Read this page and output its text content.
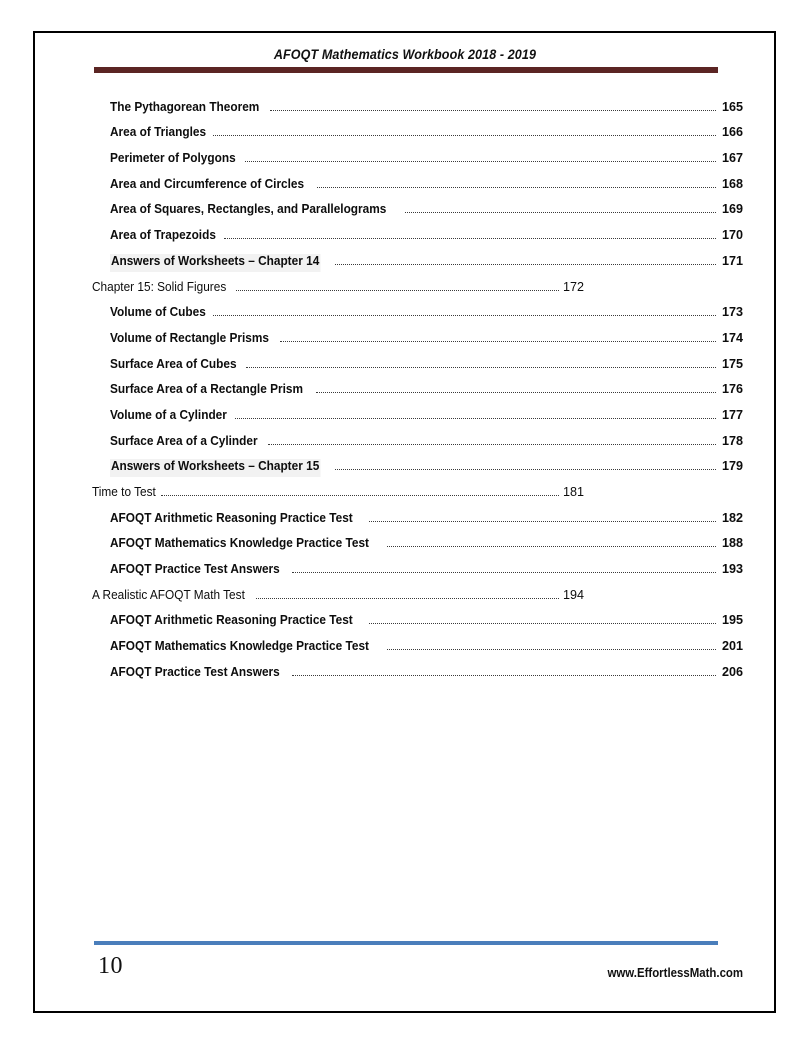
AFOQT Mathematics Workbook 2018 - 2019
The Pythagorean Theorem	165
Area of Triangles	166
Perimeter of Polygons	167
Area and Circumference of Circles	168
Area of Squares, Rectangles, and Parallelograms	169
Area of Trapezoids	170
Answers of Worksheets – Chapter 14	171
Chapter 15: Solid Figures	172
Volume of Cubes	173
Volume of Rectangle Prisms	174
Surface Area of Cubes	175
Surface Area of a Rectangle Prism	176
Volume of a Cylinder	177
Surface Area of a Cylinder	178
Answers of Worksheets – Chapter 15	179
Time to Test	181
AFOQT Arithmetic Reasoning Practice Test	182
AFOQT Mathematics Knowledge Practice Test	188
AFOQT Practice Test Answers	193
A Realistic AFOQT Math Test	194
AFOQT Arithmetic Reasoning Practice Test	195
AFOQT Mathematics Knowledge Practice Test	201
AFOQT Practice Test Answers	206
10	www.EffortlessMath.com
